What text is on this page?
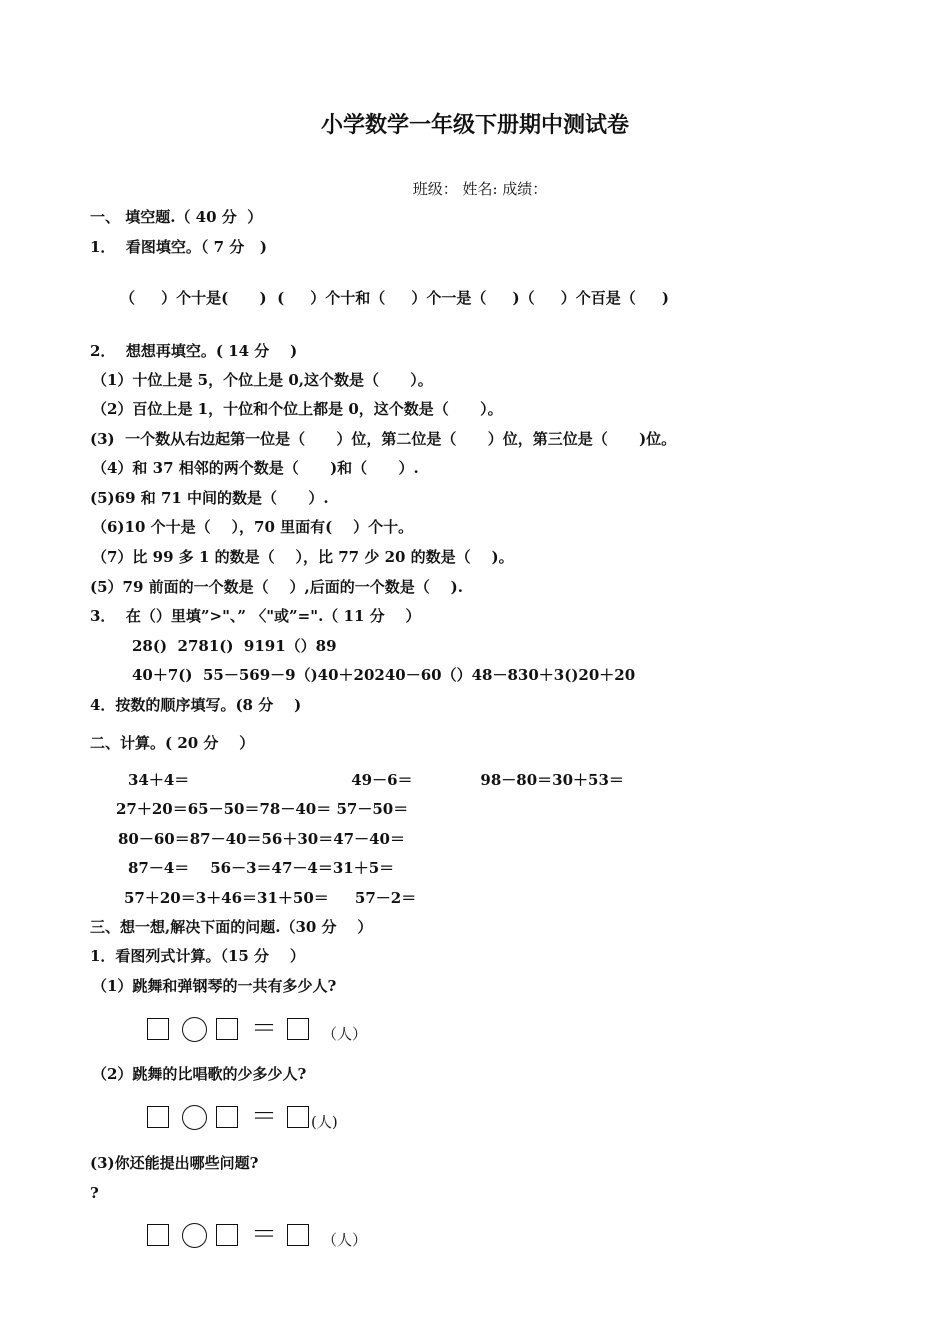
小学数学一年级下册期中测试卷
班级： 姓名: 成绩：
一、 填空题.（ 40 分  ）
1．  看图填空。（ 7 分   )
（     ）个十是(      )  (     ）个十和（     ）个一是（     )（     ）个百是（     )
2．  想想再填空。( 14 分    )
（1）十位上是 5，个位上是 0,这个数是（      ）。
（2）百位上是 1，十位和个位上都是 0，这个数是（      ）。
(3)  一个数从右边起第一位是（      ）位，第二位是（      ）位，第三位是（      )位。
（4）和 37 相邻的两个数是（      )和（      ）.
(5)69 和 71 中间的数是（      ）.
（6)10 个十是（    ），70 里面有(    ）个十。
（7）比 99 多 1 的数是（    ），比 77 少 20 的数是（    )。
(5）79 前面的一个数是（    ）,后面的一个数是（    ).
3．  在（）里填”>"、” 〈"或”=".（ 11 分    ）
28()  2781()  9191（）89
40＋7()  55－569－9（)40＋20240－60（）48－830＋3()20＋20
4．按数的顺序填写。(8 分    )
二、计算。( 20 分    ）
34＋4＝                               49－6＝             98－80＝30＋53＝
27＋20＝65－50＝78－40＝ 57－50＝
80－60＝87－40＝56＋30＝47－40＝
87－4＝    56－3＝47－4＝31＋5＝
57＋20＝3＋46＝31＋50＝     57－2＝
三、想一想,解决下面的问题.（30 分    ）
1．看图列式计算。（15 分    ）
（1）跳舞和弹钢琴的一共有多少人?
＝	（人）
（2）跳舞的比唱歌的少多少人?
＝ (人)
(3)你还能提出哪些问题?
?
＝	（人）
